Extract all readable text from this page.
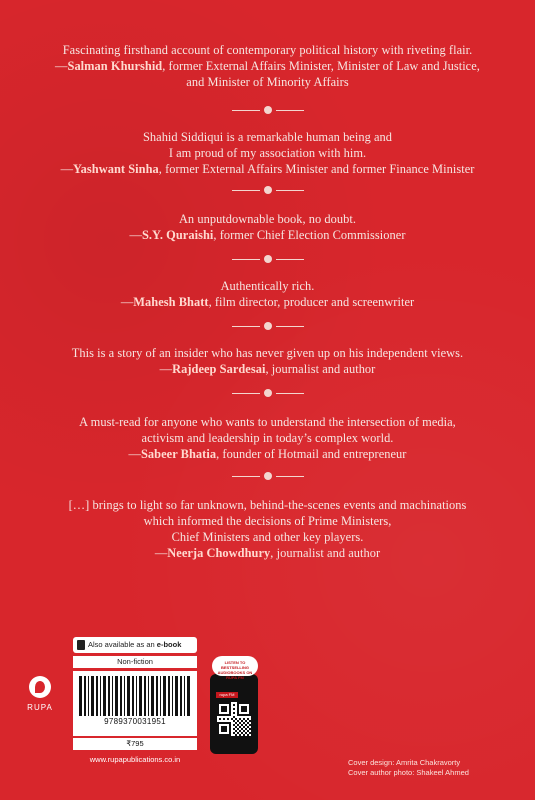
Fascinating firsthand account of contemporary political history with riveting flair.
—Salman Khurshid, former External Affairs Minister, Minister of Law and Justice,
and Minister of Minority Affairs
Shahid Siddiqui is a remarkable human being and
I am proud of my association with him.
—Yashwant Sinha, former External Affairs Minister and former Finance Minister
An unputdownable book, no doubt.
—S.Y. Quraishi, former Chief Election Commissioner
Authentically rich.
—Mahesh Bhatt, film director, producer and screenwriter
This is a story of an insider who has never given up on his independent views.
—Rajdeep Sardesai, journalist and author
A must-read for anyone who wants to understand the intersection of media,
activism and leadership in today’s complex world.
—Sabeer Bhatia, founder of Hotmail and entrepreneur
[…] brings to light so far unknown, behind-the-scenes events and machinations
which informed the decisions of Prime Ministers,
Chief Ministers and other key players.
—Neerja Chowdhury, journalist and author
RUPA
Also available as an e-book
Non-fiction
9789370031951
₹795
www.rupapublications.co.in
rupa FM
LISTEN TO BESTSELLING AUDIOBOOKS ON RUPA FM
Cover design: Amrita Chakravorty
Cover author photo: Shakeel Ahmed
